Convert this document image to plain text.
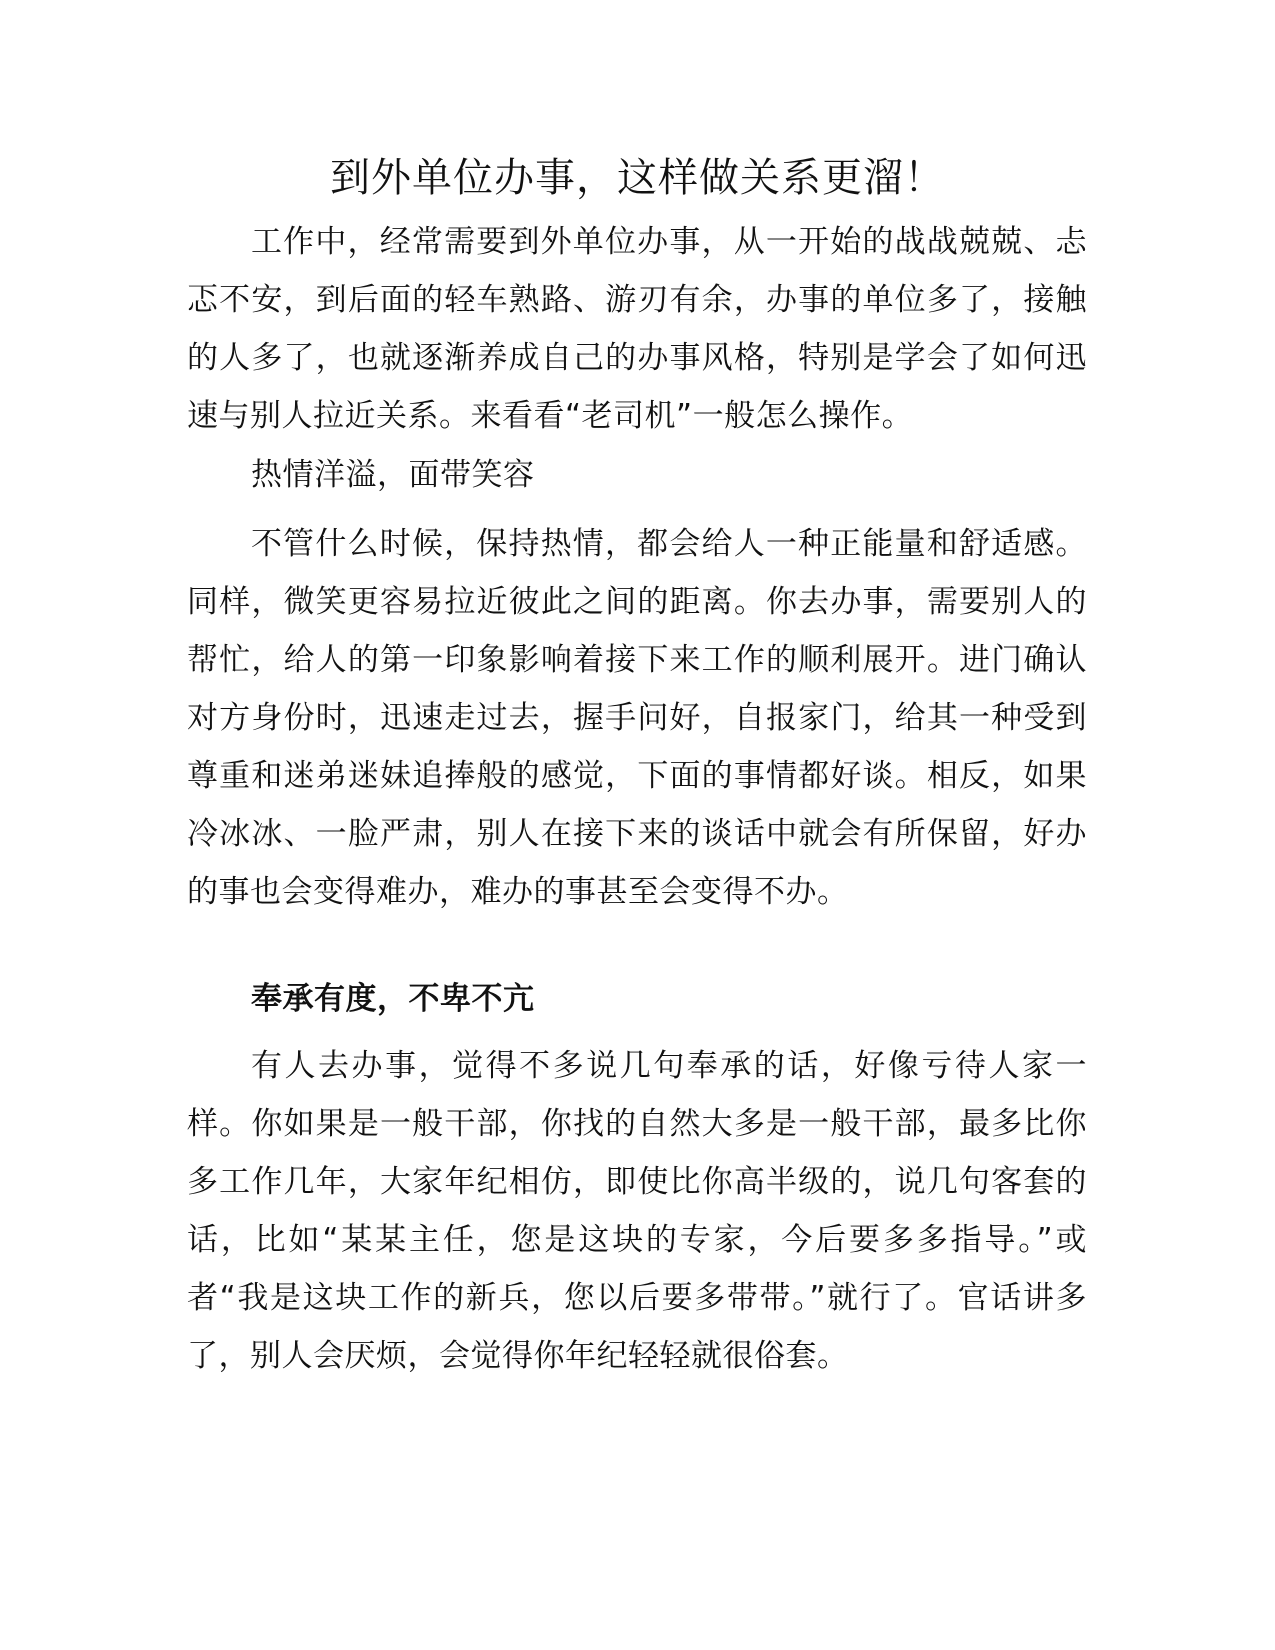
到外单位办事，这样做关系更溜！

工作中，经常需要到外单位办事，从一开始的战战兢兢、忐忑不安，到后面的轻车熟路、游刃有余，办事的单位多了，接触的人多了，也就逐渐养成自己的办事风格，特别是学会了如何迅速与别人拉近关系。来看看“老司机”一般怎么操作。

热情洋溢，面带笑容

不管什么时候，保持热情，都会给人一种正能量和舒适感。同样，微笑更容易拉近彼此之间的距离。你去办事，需要别人的帮忙，给人的第一印象影响着接下来工作的顺利展开。进门确认对方身份时，迅速走过去，握手问好，自报家门，给其一种受到尊重和迷弟迷妹追捧般的感觉，下面的事情都好谈。相反，如果冷冰冰、一脸严肃，别人在接下来的谈话中就会有所保留，好办的事也会变得难办，难办的事甚至会变得不办。

奉承有度，不卑不亢

有人去办事，觉得不多说几句奉承的话，好像亏待人家一样。你如果是一般干部，你找的自然大多是一般干部，最多比你多工作几年，大家年纪相仿，即使比你高半级的，说几句客套的话，比如“某某主任，您是这块的专家，今后要多多指导。”或者“我是这块工作的新兵，您以后要多带带。”就行了。官话讲多了，别人会厌烦，会觉得你年纪轻轻就很俗套。
